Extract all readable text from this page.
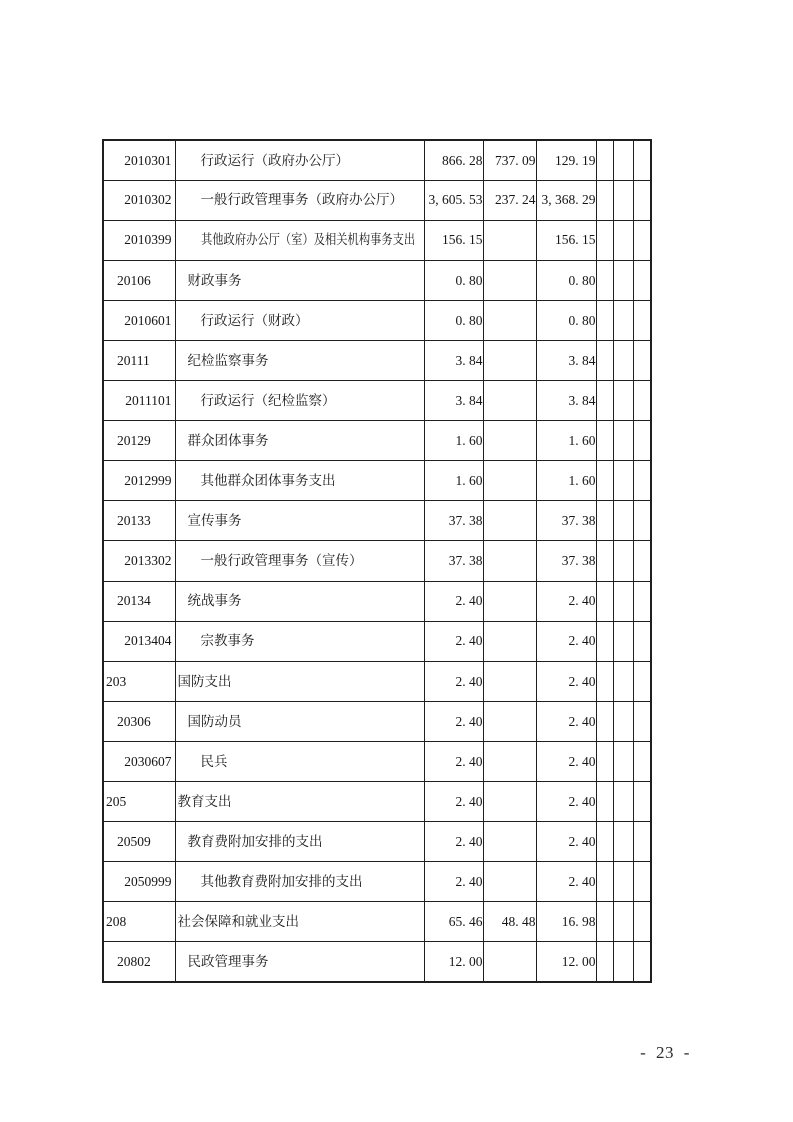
2010301	行政运行（政府办公厅）	866. 28	737. 09	129. 19			
2010302	一般行政管理事务（政府办公厅）	3, 605. 53	237. 24	3, 368. 29			
2010399	其他政府办公厅（室）及相关机构事务支出	156. 15		156. 15			
20106	财政事务	0. 80		0. 80			
2010601	行政运行（财政）	0. 80		0. 80			
20111	纪检监察事务	3. 84		3. 84			
2011101	行政运行（纪检监察）	3. 84		3. 84			
20129	群众团体事务	1. 60		1. 60			
2012999	其他群众团体事务支出	1. 60		1. 60			
20133	宣传事务	37. 38		37. 38			
2013302	一般行政管理事务（宣传）	37. 38		37. 38			
20134	统战事务	2. 40		2. 40			
2013404	宗教事务	2. 40		2. 40			
203	国防支出	2. 40		2. 40			
20306	国防动员	2. 40		2. 40			
2030607	民兵	2. 40		2. 40			
205	教育支出	2. 40		2. 40			
20509	教育费附加安排的支出	2. 40		2. 40			
2050999	其他教育费附加安排的支出	2. 40		2. 40			
208	社会保障和就业支出	65. 46	48. 48	16. 98			
20802	民政管理事务	12. 00		12. 00			
- 23 -
